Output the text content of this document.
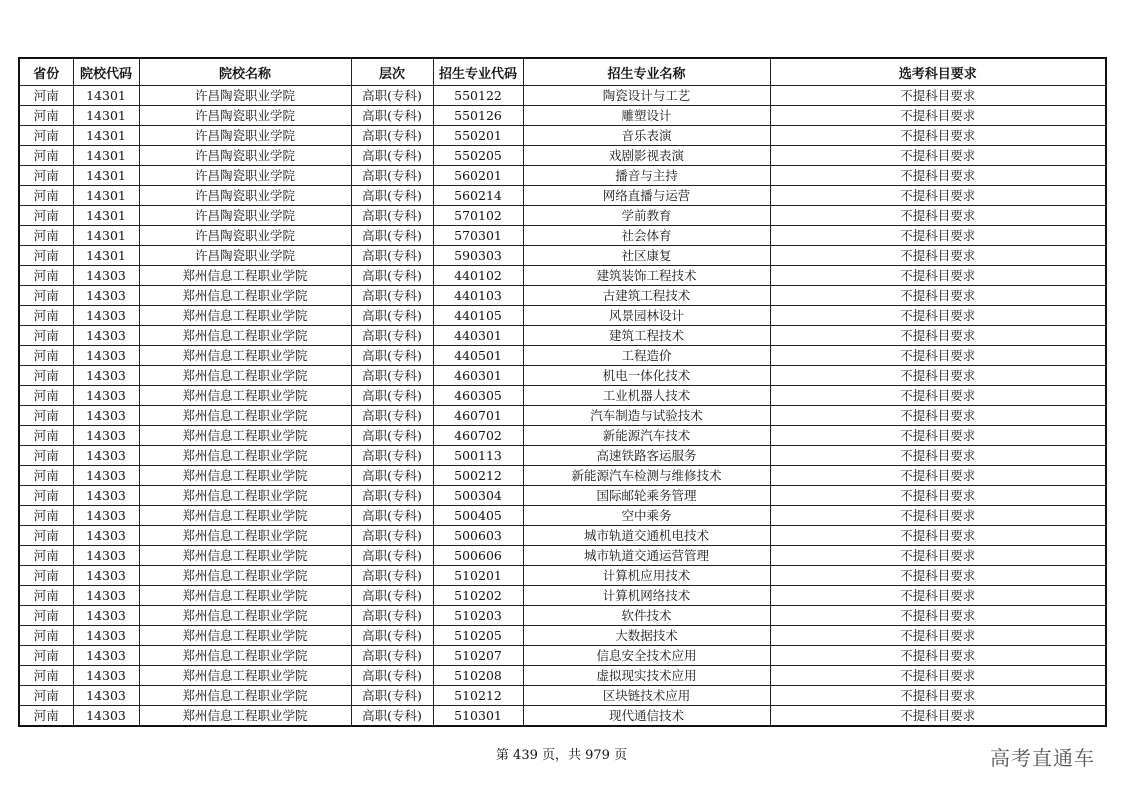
省份	院校代码	院校名称	层次	招生专业代码	招生专业名称	选考科目要求
河南	14301	许昌陶瓷职业学院	高职(专科)	550122	陶瓷设计与工艺	不提科目要求
河南	14301	许昌陶瓷职业学院	高职(专科)	550126	雕塑设计	不提科目要求
河南	14301	许昌陶瓷职业学院	高职(专科)	550201	音乐表演	不提科目要求
河南	14301	许昌陶瓷职业学院	高职(专科)	550205	戏剧影视表演	不提科目要求
河南	14301	许昌陶瓷职业学院	高职(专科)	560201	播音与主持	不提科目要求
河南	14301	许昌陶瓷职业学院	高职(专科)	560214	网络直播与运营	不提科目要求
河南	14301	许昌陶瓷职业学院	高职(专科)	570102	学前教育	不提科目要求
河南	14301	许昌陶瓷职业学院	高职(专科)	570301	社会体育	不提科目要求
河南	14301	许昌陶瓷职业学院	高职(专科)	590303	社区康复	不提科目要求
河南	14303	郑州信息工程职业学院	高职(专科)	440102	建筑装饰工程技术	不提科目要求
河南	14303	郑州信息工程职业学院	高职(专科)	440103	古建筑工程技术	不提科目要求
河南	14303	郑州信息工程职业学院	高职(专科)	440105	风景园林设计	不提科目要求
河南	14303	郑州信息工程职业学院	高职(专科)	440301	建筑工程技术	不提科目要求
河南	14303	郑州信息工程职业学院	高职(专科)	440501	工程造价	不提科目要求
河南	14303	郑州信息工程职业学院	高职(专科)	460301	机电一体化技术	不提科目要求
河南	14303	郑州信息工程职业学院	高职(专科)	460305	工业机器人技术	不提科目要求
河南	14303	郑州信息工程职业学院	高职(专科)	460701	汽车制造与试验技术	不提科目要求
河南	14303	郑州信息工程职业学院	高职(专科)	460702	新能源汽车技术	不提科目要求
河南	14303	郑州信息工程职业学院	高职(专科)	500113	高速铁路客运服务	不提科目要求
河南	14303	郑州信息工程职业学院	高职(专科)	500212	新能源汽车检测与维修技术	不提科目要求
河南	14303	郑州信息工程职业学院	高职(专科)	500304	国际邮轮乘务管理	不提科目要求
河南	14303	郑州信息工程职业学院	高职(专科)	500405	空中乘务	不提科目要求
河南	14303	郑州信息工程职业学院	高职(专科)	500603	城市轨道交通机电技术	不提科目要求
河南	14303	郑州信息工程职业学院	高职(专科)	500606	城市轨道交通运营管理	不提科目要求
河南	14303	郑州信息工程职业学院	高职(专科)	510201	计算机应用技术	不提科目要求
河南	14303	郑州信息工程职业学院	高职(专科)	510202	计算机网络技术	不提科目要求
河南	14303	郑州信息工程职业学院	高职(专科)	510203	软件技术	不提科目要求
河南	14303	郑州信息工程职业学院	高职(专科)	510205	大数据技术	不提科目要求
河南	14303	郑州信息工程职业学院	高职(专科)	510207	信息安全技术应用	不提科目要求
河南	14303	郑州信息工程职业学院	高职(专科)	510208	虚拟现实技术应用	不提科目要求
河南	14303	郑州信息工程职业学院	高职(专科)	510212	区块链技术应用	不提科目要求
河南	14303	郑州信息工程职业学院	高职(专科)	510301	现代通信技术	不提科目要求
第 439 页，共 979 页	高考直通车
